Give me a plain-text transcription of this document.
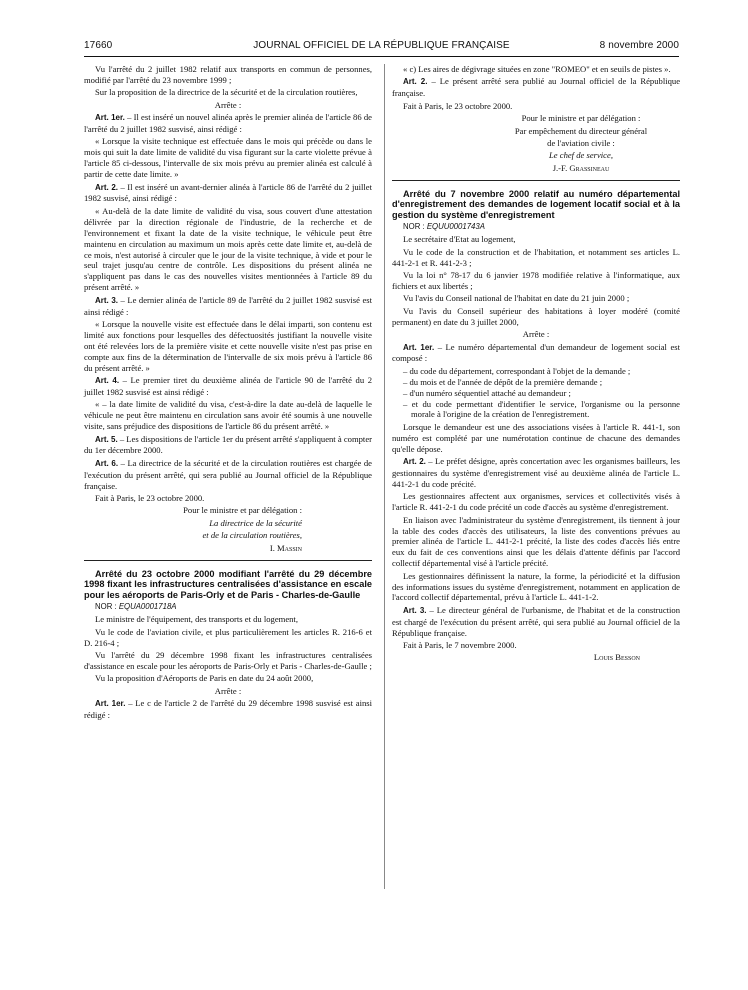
17660	JOURNAL OFFICIEL DE LA RÉPUBLIQUE FRANÇAISE	8 novembre 2000

Vu l'arrêté du 2 juillet 1982 relatif aux transports en commun de personnes, modifié par l'arrêté du 23 novembre 1999 ;

Sur la proposition de la directrice de la sécurité et de la circulation routières,

Arrête :

Art. 1er. – Il est inséré un nouvel alinéa après le premier alinéa de l'article 86 de l'arrêté du 2 juillet 1982 susvisé, ainsi rédigé :

« Lorsque la visite technique est effectuée dans le mois qui précède ou dans le mois qui suit la date limite de validité du visa figurant sur la carte violette prévue à l'article 85 ci-dessous, l'intervalle de six mois prévu au premier alinéa est calculé à partir de cette date limite. »

Art. 2. – Il est inséré un avant-dernier alinéa à l'article 86 de l'arrêté du 2 juillet 1982 susvisé, ainsi rédigé :

« Au-delà de la date limite de validité du visa, sous couvert d'une attestation délivrée par la direction régionale de l'industrie, de la recherche et de l'environnement et fixant la date de la visite technique, le véhicule peut être maintenu en circulation au maximum un mois après cette date limite et, au-delà de ce mois, n'est autorisé à circuler que le jour de la visite technique, à vide et pour le seul trajet jusqu'au centre de contrôle. Les dispositions du présent alinéa ne s'appliquent pas dans le cas des nouvelles visites mentionnées à l'article 89 du présent arrêté. »

Art. 3. – Le dernier alinéa de l'article 89 de l'arrêté du 2 juillet 1982 susvisé est ainsi rédigé :

« Lorsque la nouvelle visite est effectuée dans le délai imparti, son contenu est limité aux fonctions pour lesquelles des défectuosités justifiant la nouvelle visite ont été relevées lors de la première visite et cette nouvelle visite n'est pas prise en compte aux fins de la détermination de l'intervalle de six mois prévu à l'article 86 du présent arrêté. »

Art. 4. – Le premier tiret du deuxième alinéa de l'article 90 de l'arrêté du 2 juillet 1982 susvisé est ainsi rédigé :

« – la date limite de validité du visa, c'est-à-dire la date au-delà de laquelle le véhicule ne peut être maintenu en circulation sans avoir été soumis à une nouvelle visite, sans préjudice des dispositions de l'article 86 du présent arrêté. »

Art. 5. – Les dispositions de l'article 1er du présent arrêté s'appliquent à compter du 1er décembre 2000.

Art. 6. – La directrice de la sécurité et de la circulation routières est chargée de l'exécution du présent arrêté, qui sera publié au Journal officiel de la République française.

Fait à Paris, le 23 octobre 2000.

Pour le ministre et par délégation :

La directrice de la sécurité

et de la circulation routières,

I. Massin

Arrêté du 23 octobre 2000 modifiant l'arrêté du 29 décembre 1998 fixant les infrastructures centralisées d'assistance en escale pour les aéroports de Paris-Orly et de Paris - Charles-de-Gaulle

NOR : EQUA0001718A

Le ministre de l'équipement, des transports et du logement,

Vu le code de l'aviation civile, et plus particulièrement les articles R. 216-6 et D. 216-4 ;

Vu l'arrêté du 29 décembre 1998 fixant les infrastructures centralisées d'assistance en escale pour les aéroports de Paris-Orly et Paris - Charles-de-Gaulle ;

Vu la proposition d'Aéroports de Paris en date du 24 août 2000,

Arrête :

Art. 1er. – Le c de l'article 2 de l'arrêté du 29 décembre 1998 susvisé est ainsi rédigé :

« c) Les aires de dégivrage situées en zone "ROMEO" et en seuils de pistes ».

Art. 2. – Le présent arrêté sera publié au Journal officiel de la République française.

Fait à Paris, le 23 octobre 2000.

Pour le ministre et par délégation :

Par empêchement du directeur général

de l'aviation civile :

Le chef de service,

J.-F. Grassineau

Arrêté du 7 novembre 2000 relatif au numéro départemental d'enregistrement des demandes de logement locatif social et à la gestion du système d'enregistrement

NOR : EQUU0001743A

Le secrétaire d'Etat au logement,

Vu le code de la construction et de l'habitation, et notamment ses articles L. 441-2-1 et R. 441-2-3 ;

Vu la loi n° 78-17 du 6 janvier 1978 modifiée relative à l'informatique, aux fichiers et aux libertés ;

Vu l'avis du Conseil national de l'habitat en date du 21 juin 2000 ;

Vu l'avis du Conseil supérieur des habitations à loyer modéré (comité permanent) en date du 3 juillet 2000,

Arrête :

Art. 1er. – Le numéro départemental d'un demandeur de logement social est composé :

– du code du département, correspondant à l'objet de la demande ;
– du mois et de l'année de dépôt de la première demande ;
– d'un numéro séquentiel attaché au demandeur ;
– et du code permettant d'identifier le service, l'organisme ou la personne morale à l'origine de la création de l'enregistrement.

Lorsque le demandeur est une des associations visées à l'article R. 441-1, son numéro est complété par une numérotation continue de chacune des demandes qu'elle dépose.

Art. 2. – Le préfet désigne, après concertation avec les organismes bailleurs, les gestionnaires du système d'enregistrement visé au deuxième alinéa de l'article L. 441-2-1 du code précité.

Les gestionnaires affectent aux organismes, services et collectivités visés à l'article R. 441-2-1 du code précité un code d'accès au système d'enregistrement.

En liaison avec l'administrateur du système d'enregistrement, ils tiennent à jour la table des codes d'accès des utilisateurs, la liste des conventions prévues au premier alinéa de l'article L. 441-2-1 précité, la liste des codes d'accès liés entre eux du fait de ces conventions ainsi que les délais d'attente définis par l'accord collectif départemental visé à l'article précité.

Les gestionnaires définissent la nature, la forme, la périodicité et la diffusion des informations issues du système d'enregistrement, notamment en application de l'accord collectif départemental, prévu à l'article L. 441-1-2.

Art. 3. – Le directeur général de l'urbanisme, de l'habitat et de la construction est chargé de l'exécution du présent arrêté, qui sera publié au Journal officiel de la République française.

Fait à Paris, le 7 novembre 2000.

Louis Besson
